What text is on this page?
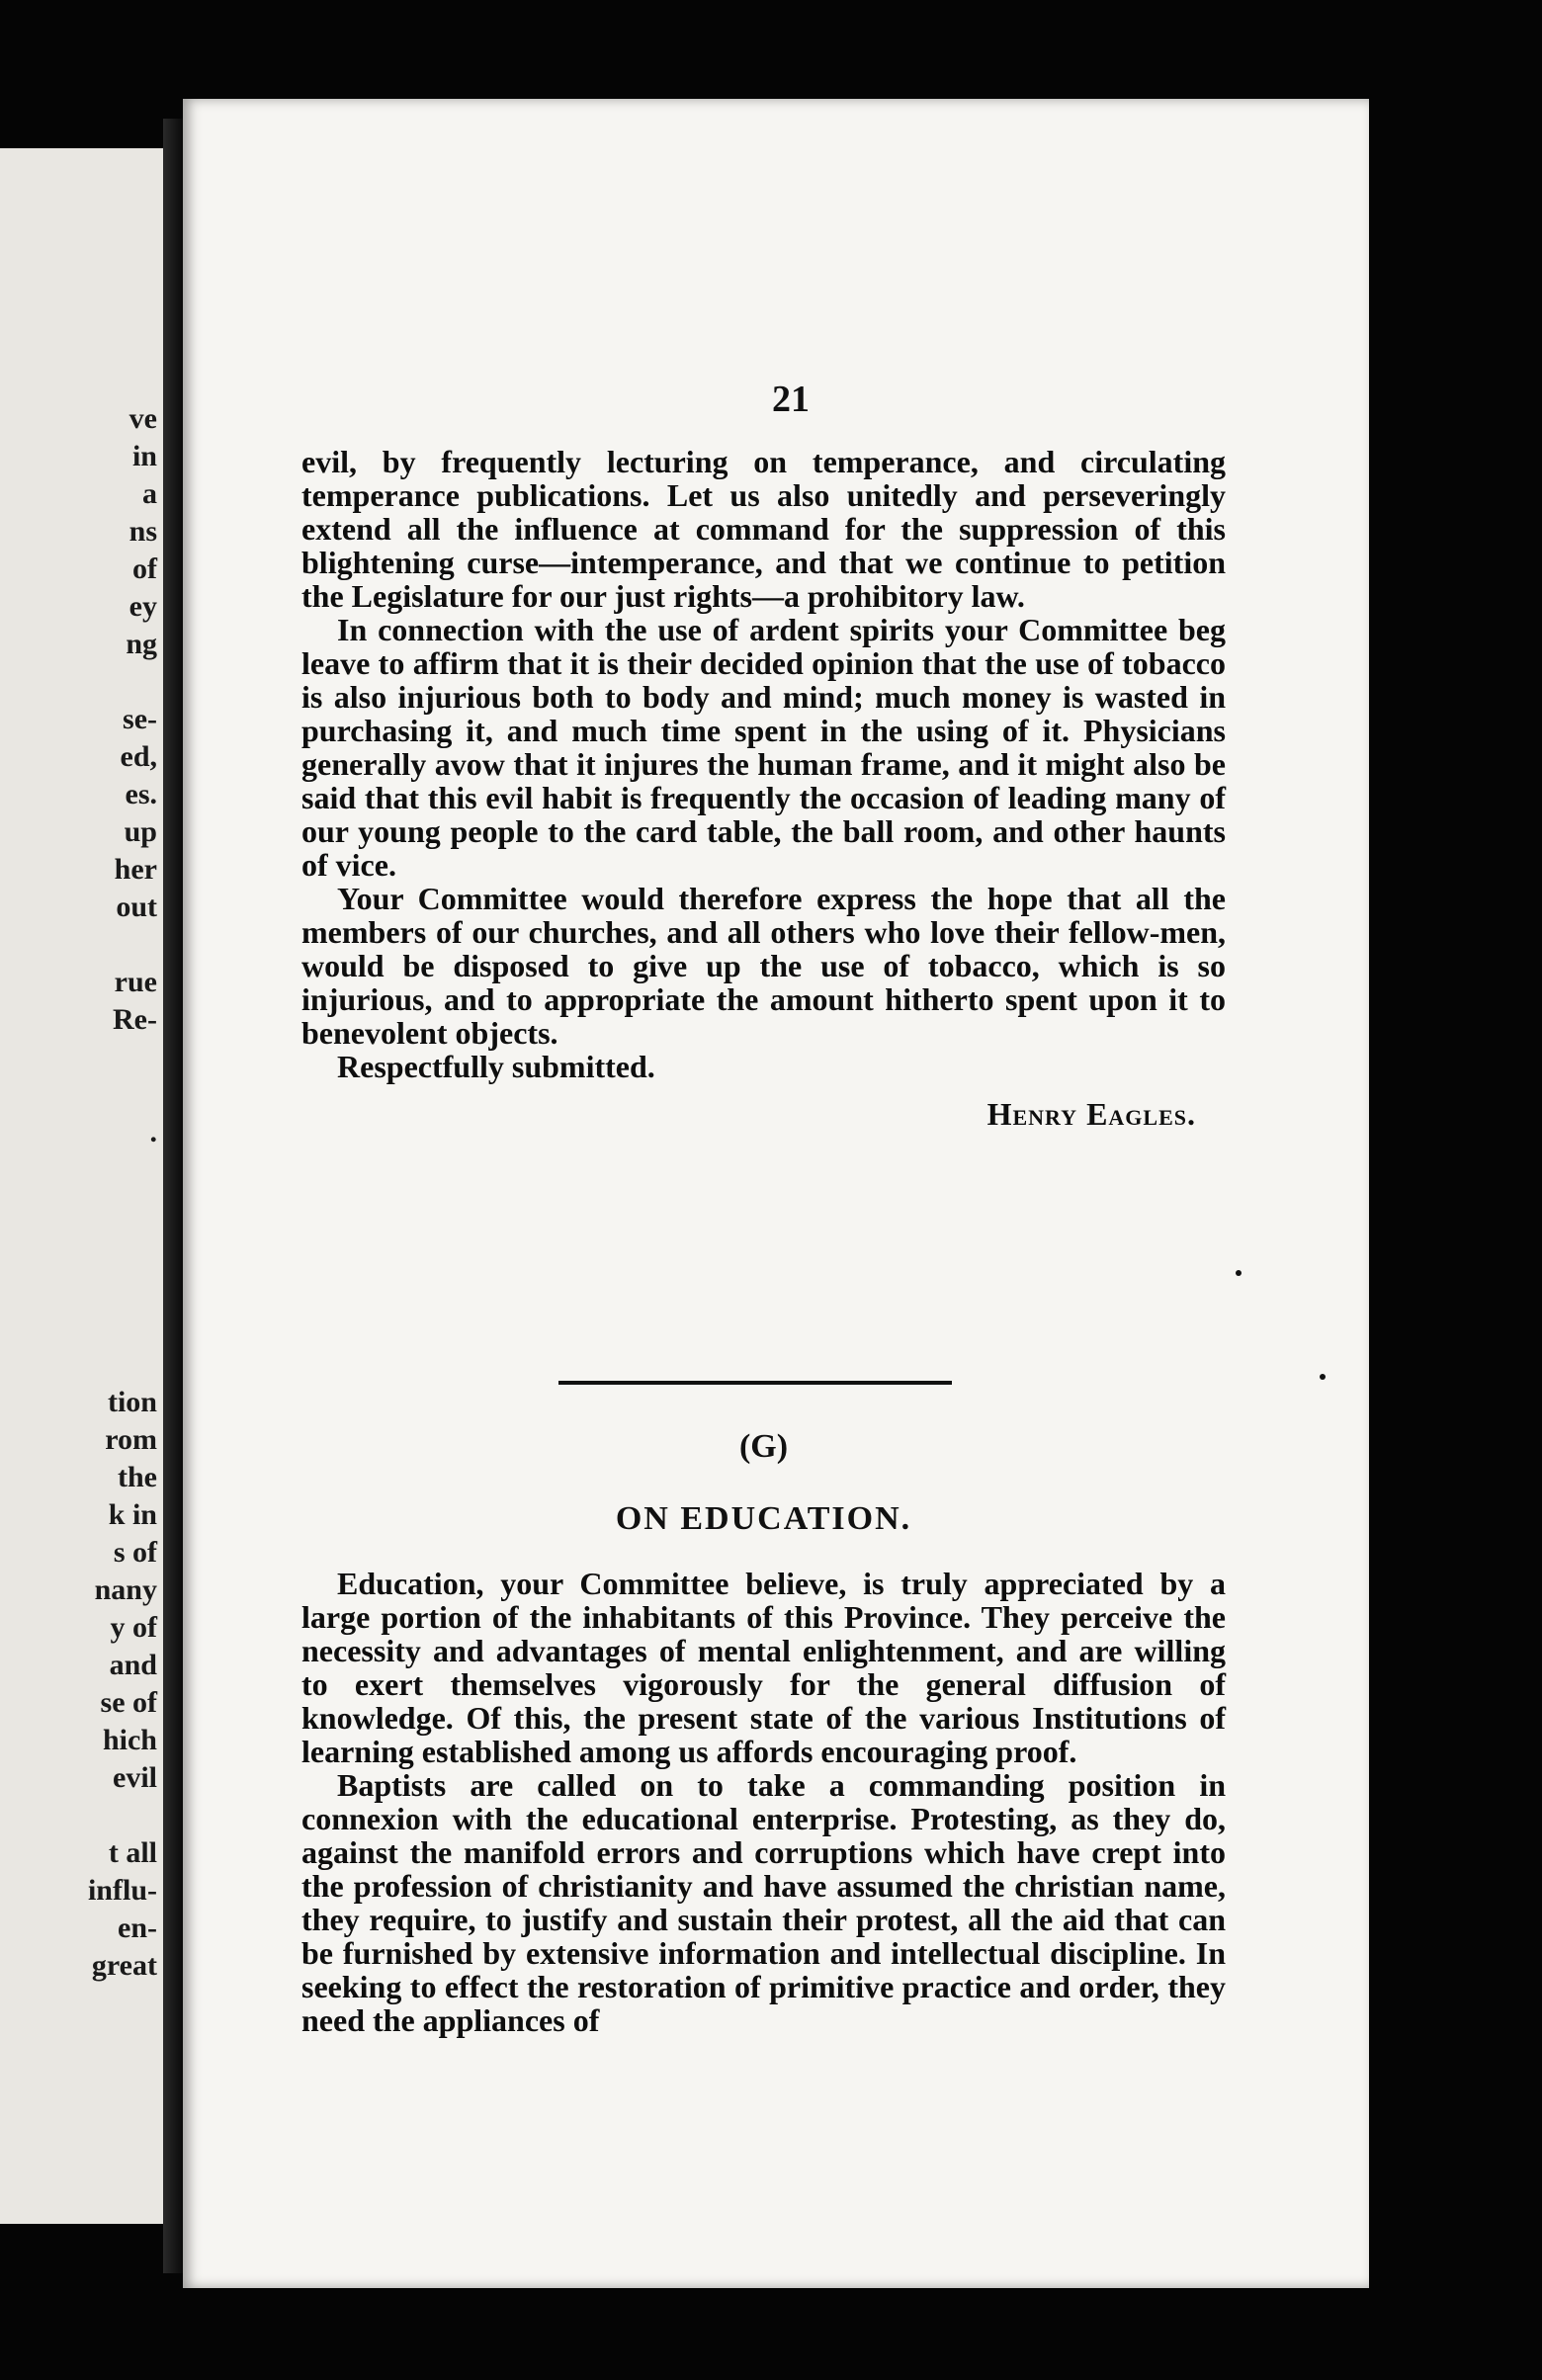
ve
in
a
ns
of
ey
ng
se-
ed,
es.
up
her
out
rue
Re-
.
tion
rom
the
k in
s of
nany
y of
and
se of
hich
evil
t all
influ-
en-
great
21

evil, by frequently lecturing on temperance, and circulating temperance publications. Let us also unitedly and perseveringly extend all the influence at command for the suppression of this blightening curse—intemperance, and that we continue to petition the Legislature for our just rights—a prohibitory law.

In connection with the use of ardent spirits your Committee beg leave to affirm that it is their decided opinion that the use of tobacco is also injurious both to body and mind; much money is wasted in purchasing it, and much time spent in the using of it. Physicians generally avow that it injures the human frame, and it might also be said that this evil habit is frequently the occasion of leading many of our young people to the card table, the ball room, and other haunts of vice.

Your Committee would therefore express the hope that all the members of our churches, and all others who love their fellow-men, would be disposed to give up the use of tobacco, which is so injurious, and to appropriate the amount hitherto spent upon it to benevolent objects.

Respectfully submitted.

Henry Eagles.
(G)
ON EDUCATION.

Education, your Committee believe, is truly appreciated by a large portion of the inhabitants of this Province. They perceive the necessity and advantages of mental enlightenment, and are willing to exert themselves vigorously for the general diffusion of knowledge. Of this, the present state of the various Institutions of learning established among us affords encouraging proof.

Baptists are called on to take a commanding position in connexion with the educational enterprise. Protesting, as they do, against the manifold errors and corruptions which have crept into the profession of christianity and have assumed the christian name, they require, to justify and sustain their protest, all the aid that can be furnished by extensive information and intellectual discipline. In seeking to effect the restoration of primitive practice and order, they need the appliances of
